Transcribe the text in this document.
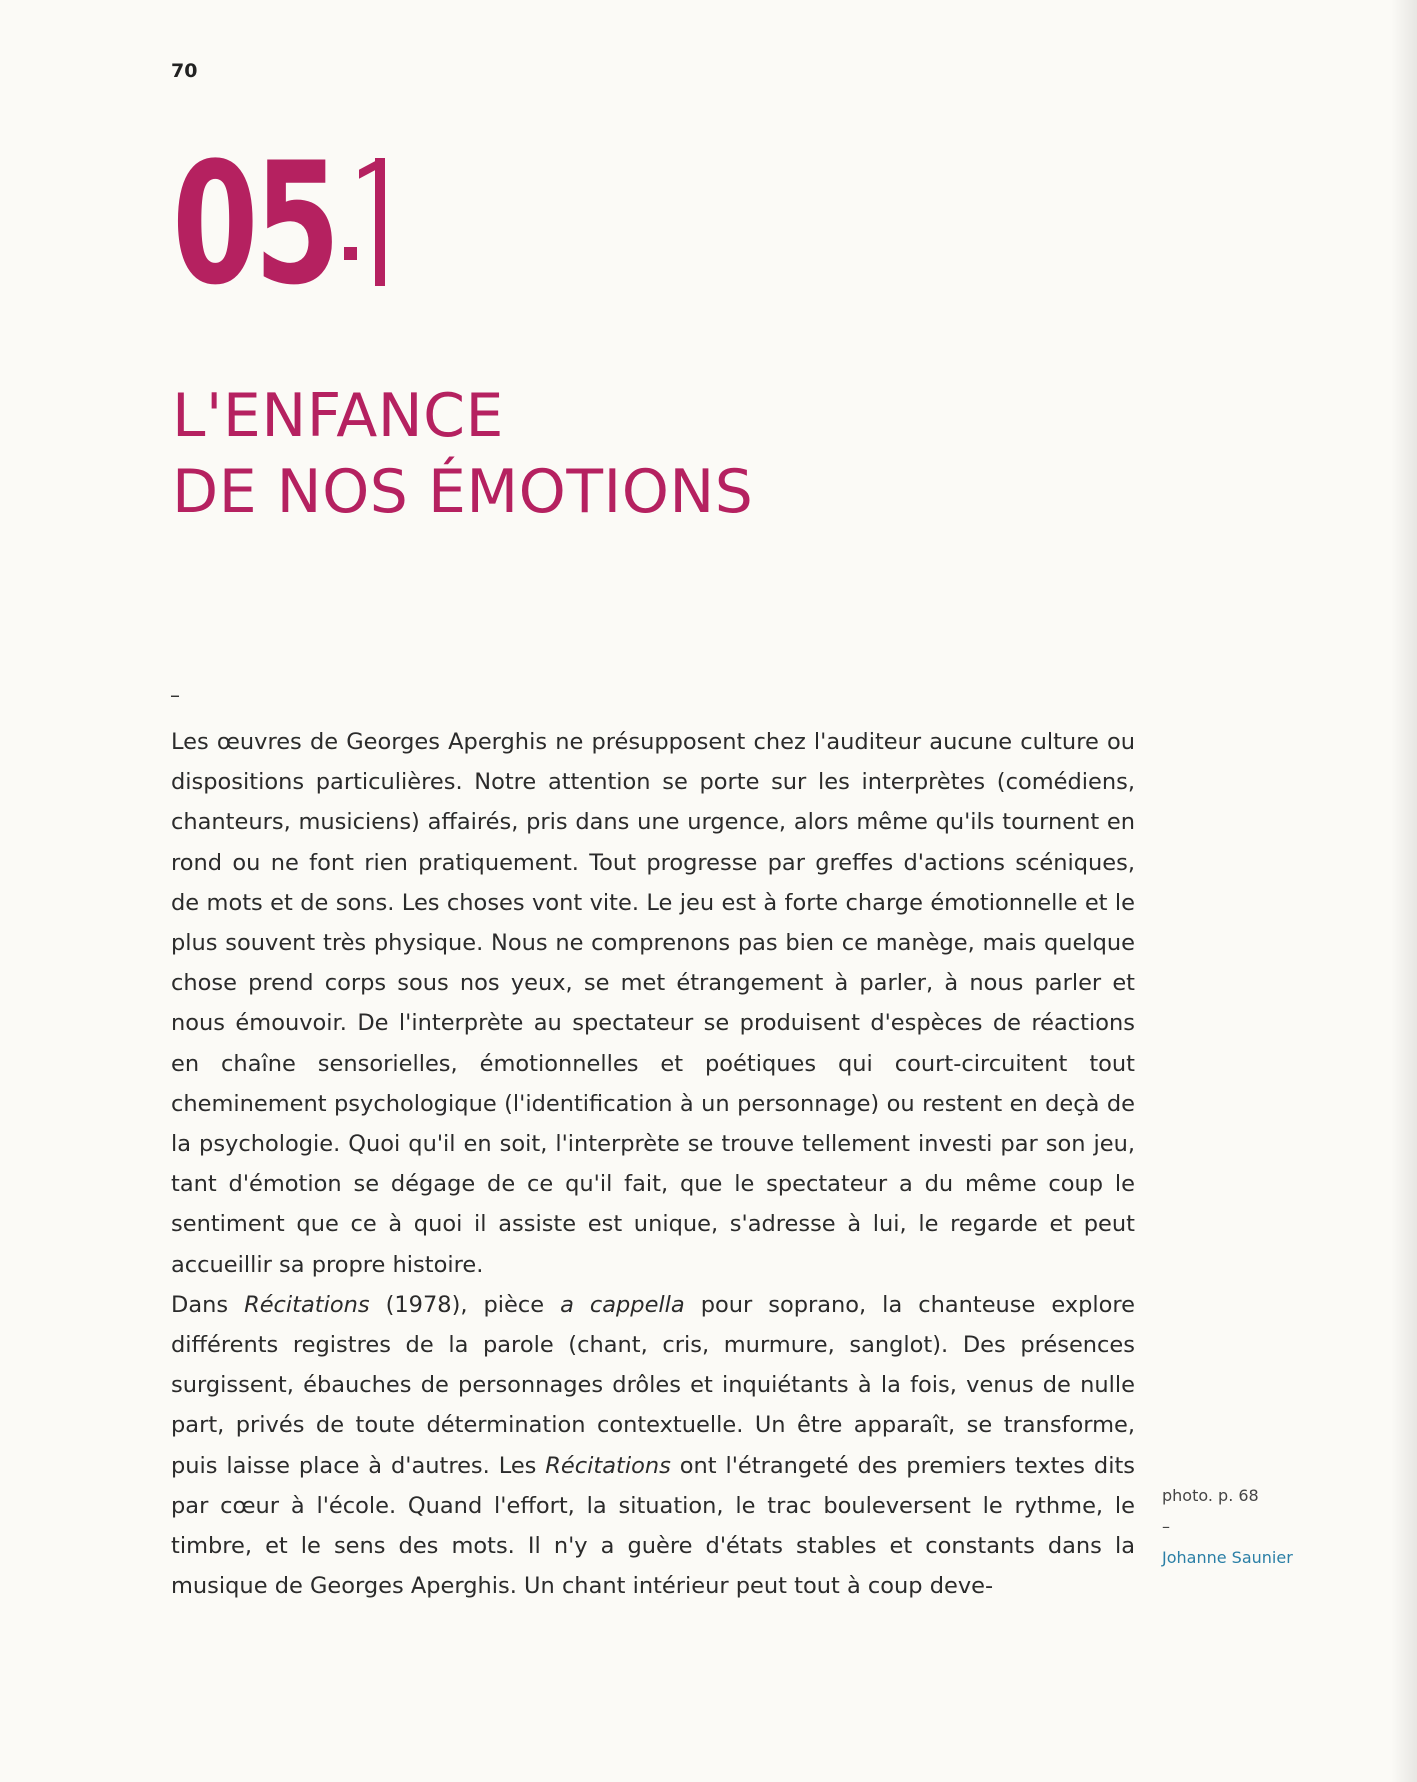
70
05
L'ENFANCE
DE NOS ÉMOTIONS
–

Les œuvres de Georges Aperghis ne présupposent chez l'auditeur aucune culture ou dispositions particulières. Notre attention se porte sur les interprètes (comédiens, chanteurs, musiciens) affairés, pris dans une urgence, alors même qu'ils tournent en rond ou ne font rien pratiquement. Tout progresse par greffes d'actions scéniques, de mots et de sons. Les choses vont vite. Le jeu est à forte charge émotionnelle et le plus souvent très physique. Nous ne comprenons pas bien ce manège, mais quelque chose prend corps sous nos yeux, se met étrangement à parler, à nous parler et nous émouvoir. De l'interprète au spectateur se produisent d'espèces de réactions en chaîne sensorielles, émotionnelles et poétiques qui court-circuitent tout cheminement psychologique (l'identification à un personnage) ou restent en deçà de la psychologie. Quoi qu'il en soit, l'interprète se trouve tellement investi par son jeu, tant d'émotion se dégage de ce qu'il fait, que le spectateur a du même coup le sentiment que ce à quoi il assiste est unique, s'adresse à lui, le regarde et peut accueillir sa propre histoire.

Dans Récitations (1978), pièce a cappella pour soprano, la chanteuse explore différents registres de la parole (chant, cris, murmure, sanglot). Des présences surgissent, ébauches de personnages drôles et inquiétants à la fois, venus de nulle part, privés de toute détermination contextuelle. Un être apparaît, se transforme, puis laisse place à d'autres. Les Récitations ont l'étrangeté des premiers textes dits par cœur à l'école. Quand l'effort, la situation, le trac bouleversent le rythme, le timbre, et le sens des mots. Il n'y a guère d'états stables et constants dans la musique de Georges Aperghis. Un chant intérieur peut tout à coup deve-

photo. p. 68
–
Johanne Saunier
